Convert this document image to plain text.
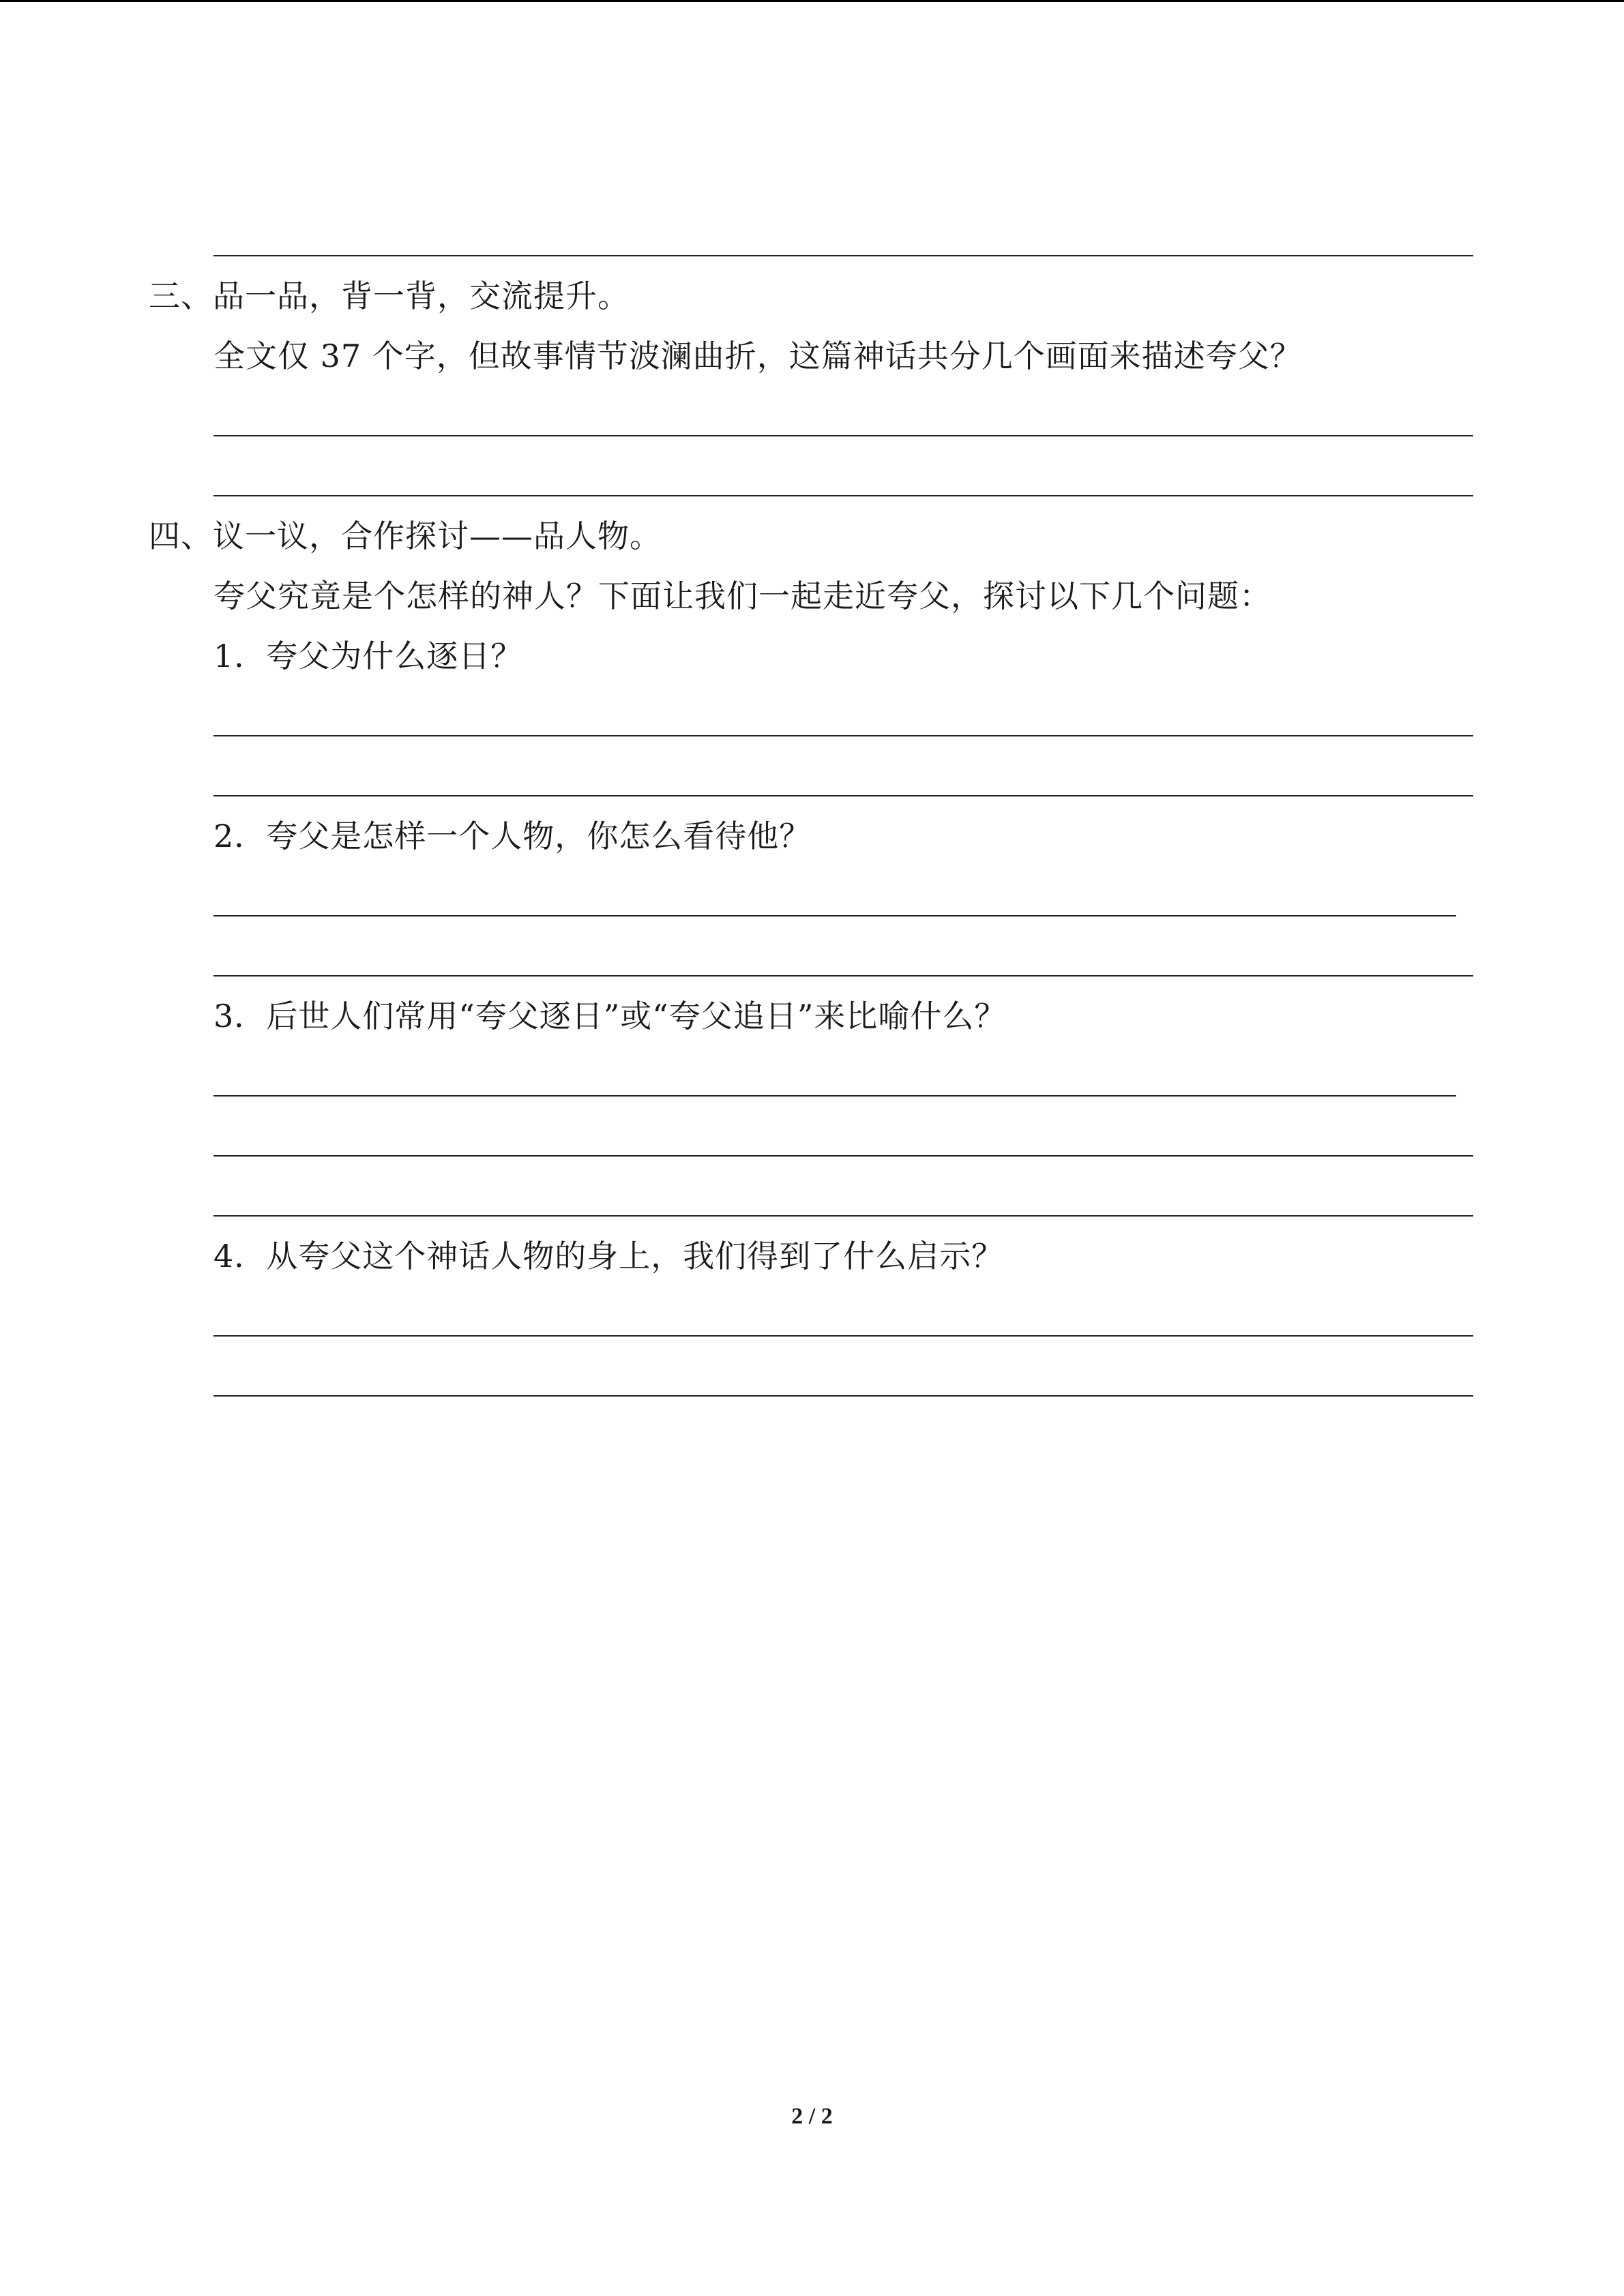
三、品一品，背一背，交流提升。
全文仅 37 个字，但故事情节波澜曲折，这篇神话共分几个画面来描述夸父？
四、议一议，合作探讨——品人物。
夸父究竟是个怎样的神人？下面让我们一起走近夸父，探讨以下几个问题：
1．夸父为什么逐日？
2．夸父是怎样一个人物，你怎么看待他？
3．后世人们常用“夸父逐日”或“夸父追日”来比喻什么？
4．从夸父这个神话人物的身上，我们得到了什么启示？
2 / 2
